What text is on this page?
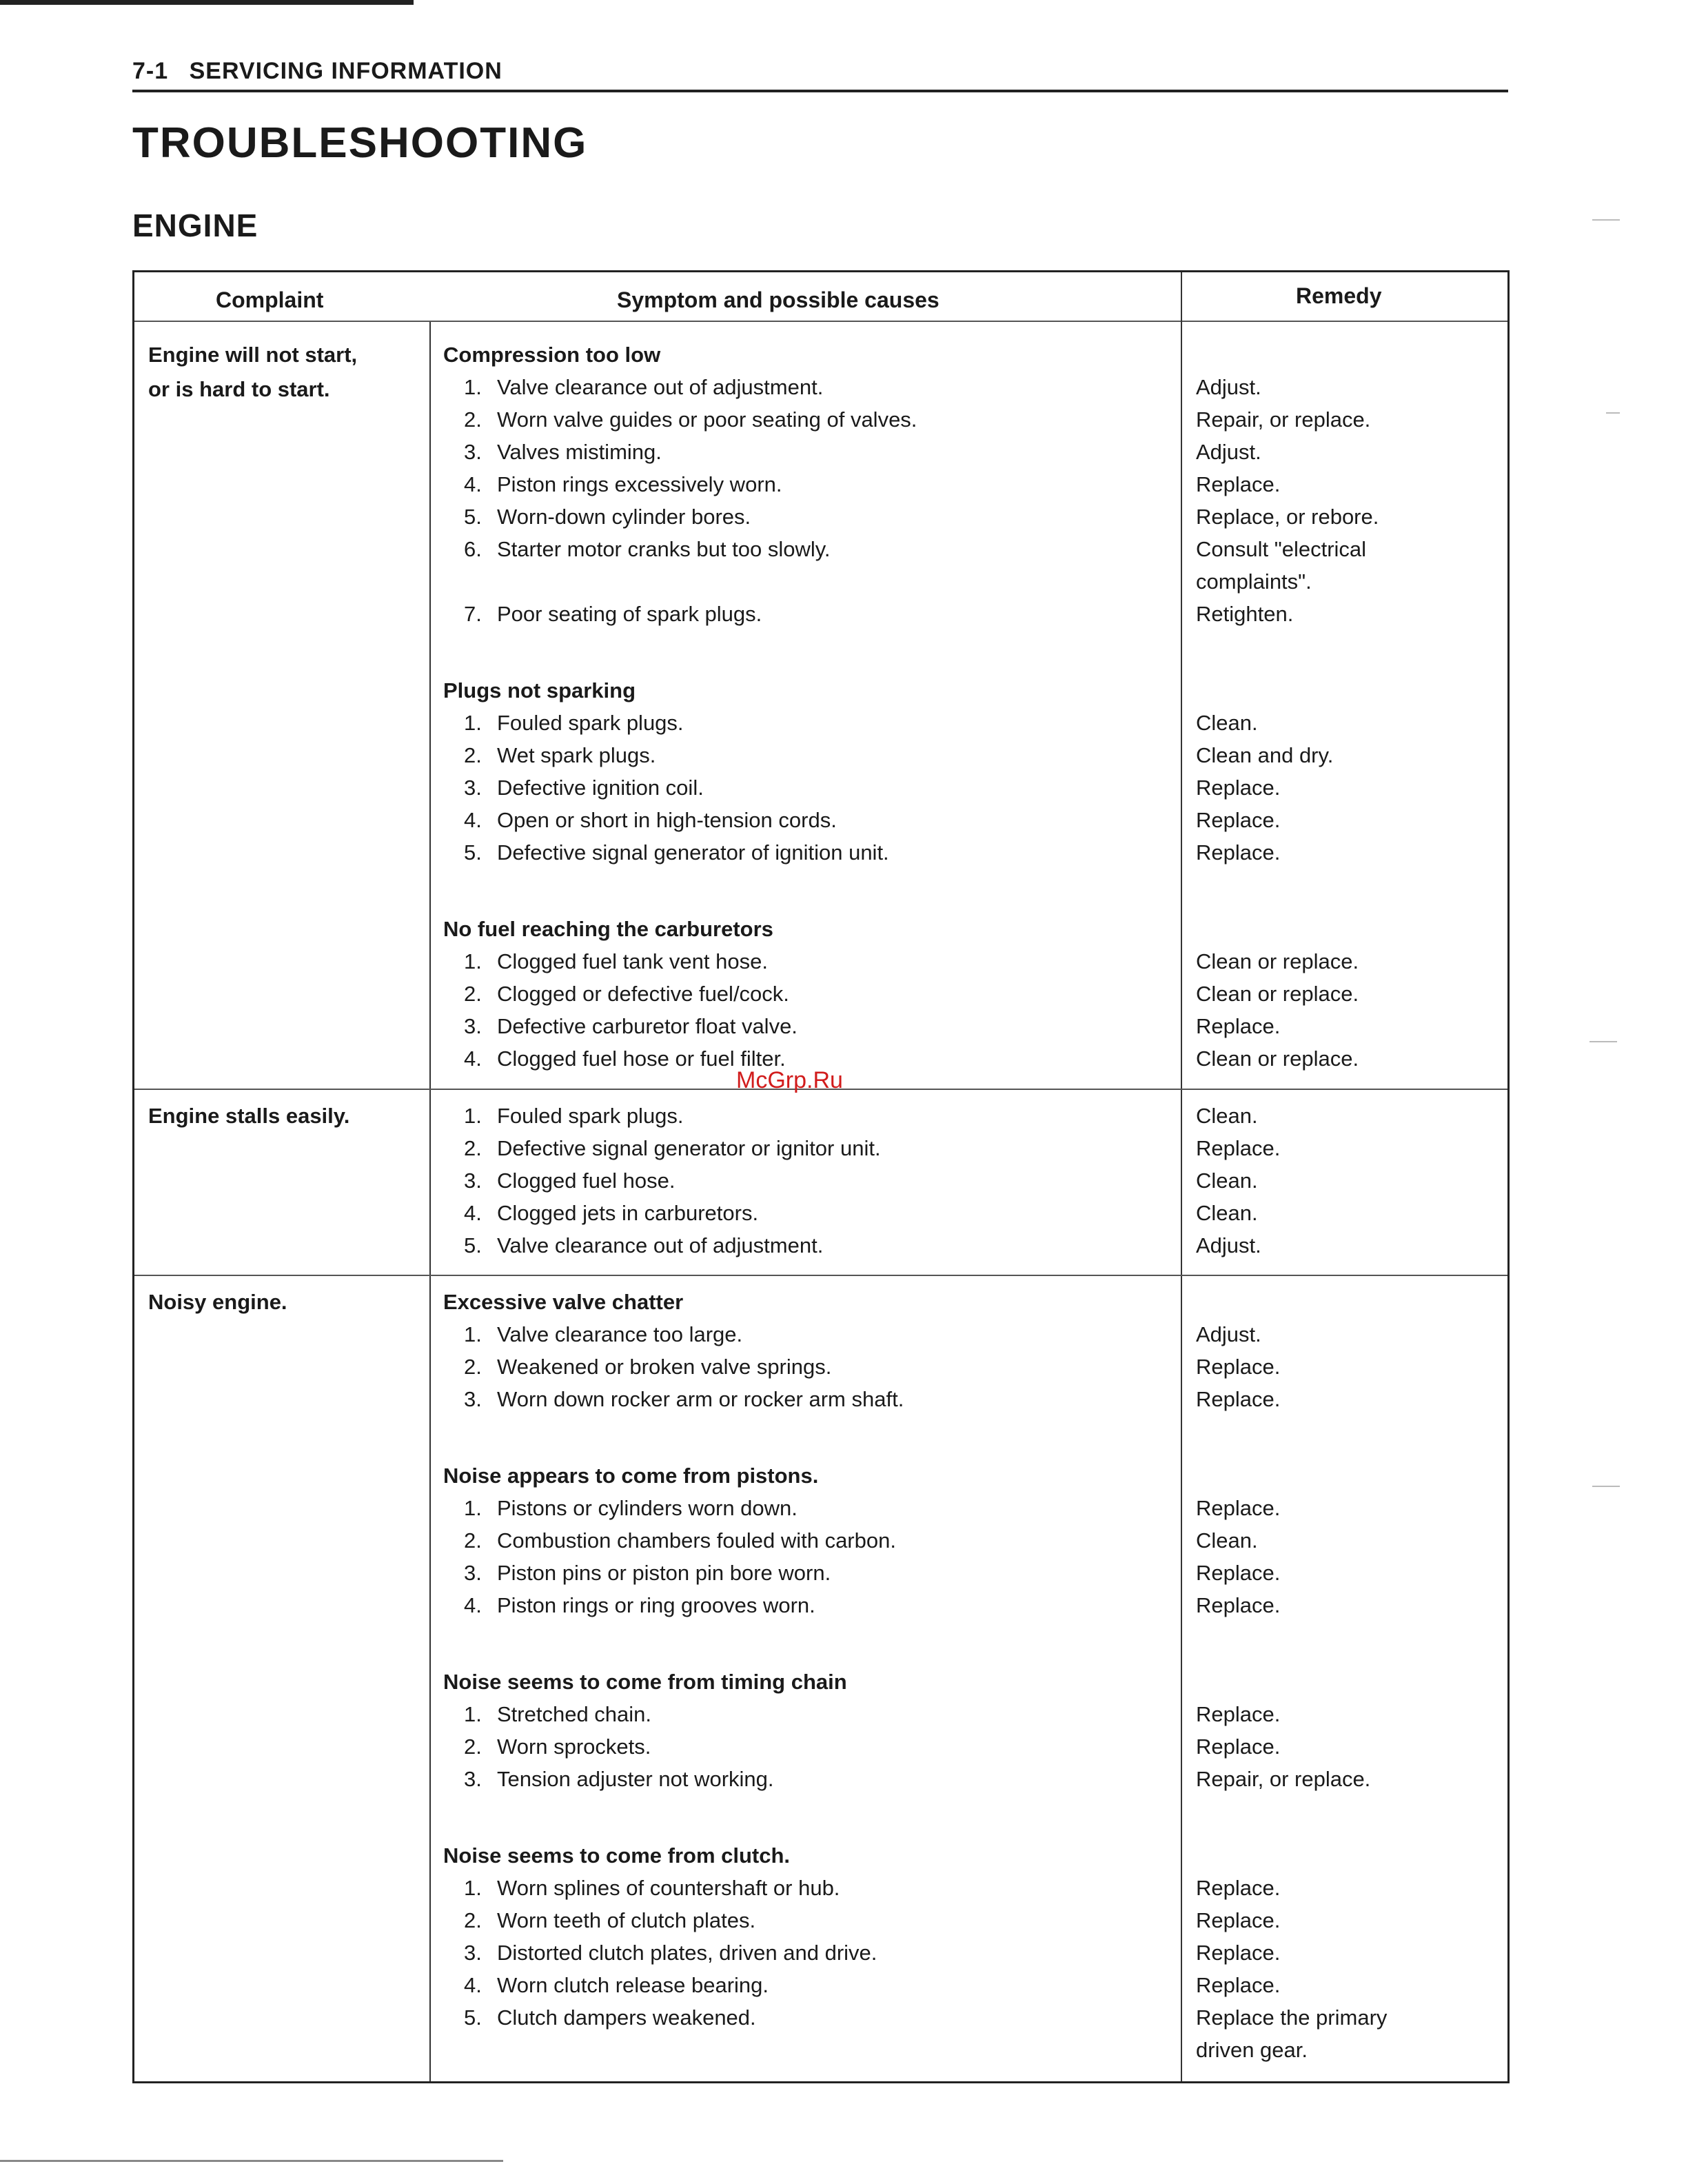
7-1 SERVICING INFORMATION
TROUBLESHOOTING
ENGINE
Complaint	Symptom and possible causes	Remedy
Engine will not start,
or is hard to start.
Compression too low
1. Valve clearance out of adjustment.	Adjust.
2. Worn valve guides or poor seating of valves.	Repair, or replace.
3. Valves mistiming.	Adjust.
4. Piston rings excessively worn.	Replace.
5. Worn-down cylinder bores.	Replace, or rebore.
6. Starter motor cranks but too slowly.	Consult "electrical
complaints".
7. Poor seating of spark plugs.	Retighten.
Plugs not sparking
1. Fouled spark plugs.	Clean.
2. Wet spark plugs.	Clean and dry.
3. Defective ignition coil.	Replace.
4. Open or short in high-tension cords.	Replace.
5. Defective signal generator of ignition unit.	Replace.
No fuel reaching the carburetors
1. Clogged fuel tank vent hose.	Clean or replace.
2. Clogged or defective fuel/cock.	Clean or replace.
3. Defective carburetor float valve.	Replace.
4. Clogged fuel hose or fuel filter.	Clean or replace.
Engine stalls easily.	1. Fouled spark plugs.	Clean.
2. Defective signal generator or ignitor unit.	Replace.
3. Clogged fuel hose.	Clean.
4. Clogged jets in carburetors.	Clean.
5. Valve clearance out of adjustment.	Adjust.
Noisy engine.	Excessive valve chatter
1. Valve clearance too large.	Adjust.
2. Weakened or broken valve springs.	Replace.
3. Worn down rocker arm or rocker arm shaft.	Replace.
Noise appears to come from pistons.
1. Pistons or cylinders worn down.	Replace.
2. Combustion chambers fouled with carbon.	Clean.
3. Piston pins or piston pin bore worn.	Replace.
4. Piston rings or ring grooves worn.	Replace.
Noise seems to come from timing chain
1. Stretched chain.	Replace.
2. Worn sprockets.	Replace.
3. Tension adjuster not working.	Repair, or replace.
Noise seems to come from clutch.
1. Worn splines of countershaft or hub.	Replace.
2. Worn teeth of clutch plates.	Replace.
3. Distorted clutch plates, driven and drive.	Replace.
4. Worn clutch release bearing.	Replace.
5. Clutch dampers weakened.	Replace the primary
driven gear.
McGrp.Ru
